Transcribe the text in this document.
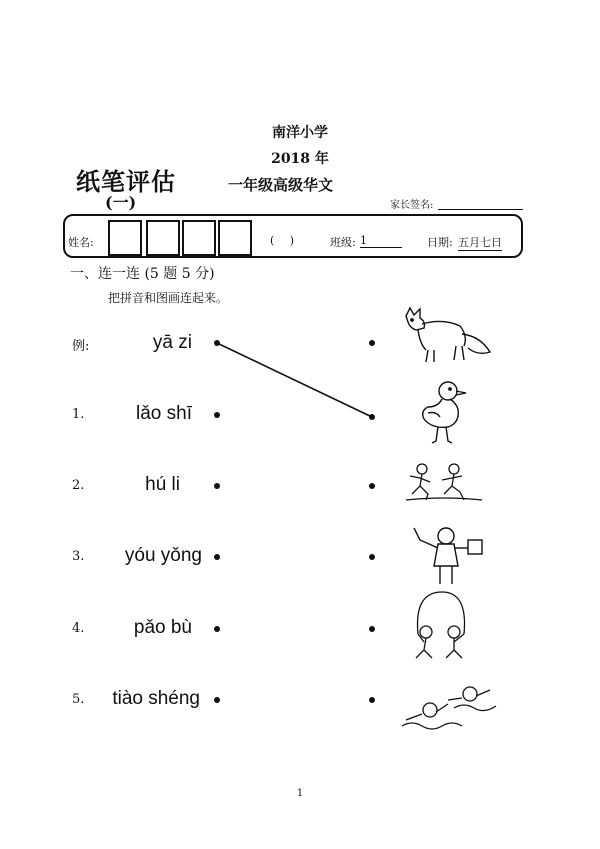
南洋小学
2018 年
纸笔评估
(一)
一年级高级华文
家长签名:
姓名:	( )	班级: 1	日期: 五月七日
一、连一连 (5 题 5 分)
把拼音和图画连起来。
例:	yā zi
1.	lǎo shī
2.	hú li
3.	yóu yǒng
4.	pǎo bù
5.	tiào shéng
1
